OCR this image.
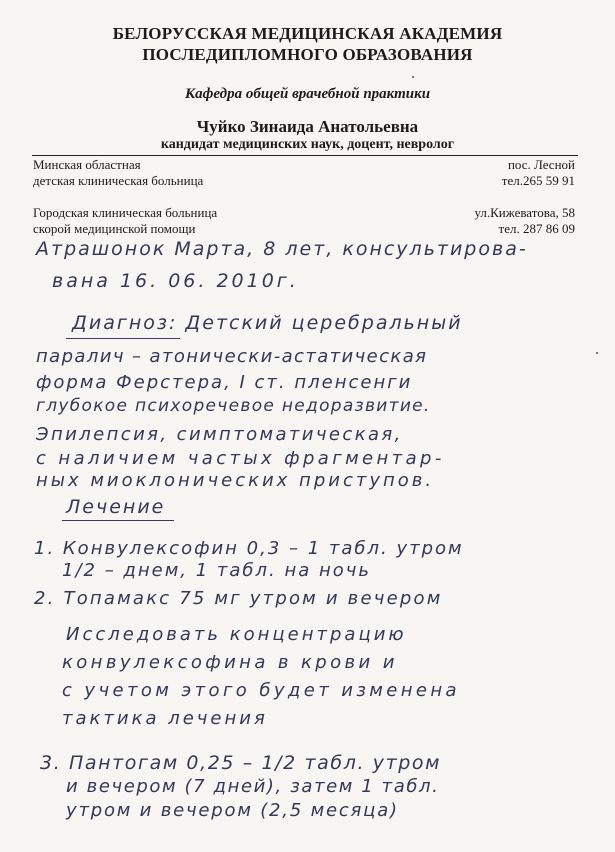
БЕЛОРУССКАЯ МЕДИЦИНСКАЯ АКАДЕМИЯ
ПОСЛЕДИПЛОМНОГО ОБРАЗОВАНИЯ
Кафедра общей врачебной практики
Чуйко Зинаида Анатольевна
кандидат медицинских наук, доцент, невролог
Минская областная
детская клиническая больница
пос. Лесной
тел.265 59 91
Городская клиническая больница
скорой медицинской помощи
ул.Кижеватова, 58
тел. 287 86 09
Атрашонок Марта, 8 лет, консультирова-
вана 16. 06. 2010г.
Диагноз: Детский церебральный
паралич – атонически-астатическая
форма Ферстера, I ст. пленсенги
глубокое психоречевое недоразвитие.
Эпилепсия, симптоматическая,
с наличием частых фрагментар-
ных миоклонических приступов.
Лечение
1. Конвулексофин 0,3 – 1 табл. утром
1/2 – днем, 1 табл. на ночь
2. Топамакс 75 мг утром и вечером
Исследовать концентрацию
конвулексофина в крови и
с учетом этого будет изменена
тактика лечения
3. Пантогам 0,25 – 1/2 табл. утром
и вечером (7 дней), затем 1 табл.
утром и вечером (2,5 месяца)
